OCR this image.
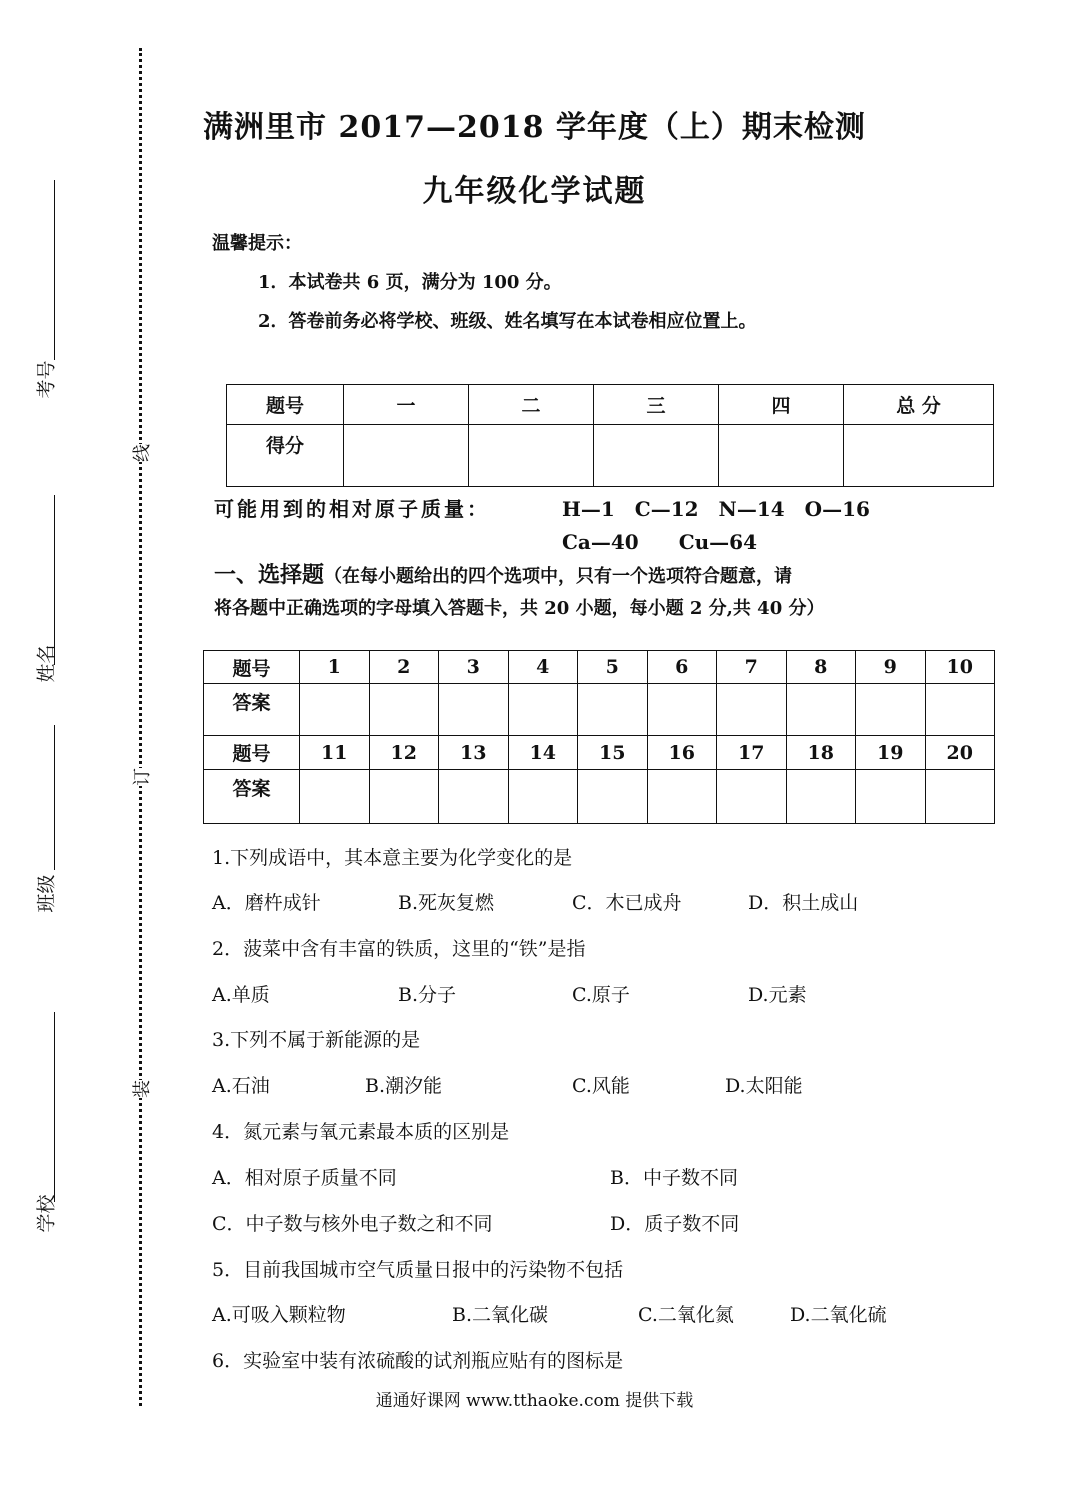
考号
姓名
班级
学校
线
订
装
满洲里市 2017—2018 学年度（上）期末检测
九年级化学试题
温馨提示：
1．本试卷共 6 页，满分为 100 分。
2．答卷前务必将学校、班级、姓名填写在本试卷相应位置上。
题号	一	二	三	四	总 分
得分					
可能用到的相对原子质量：	H—1　C—12　N—14　O—16
Ca—40　　Cu—64
一、选择题（在每小题给出的四个选项中，只有一个选项符合题意，请
将各题中正确选项的字母填入答题卡，共 20 小题，每小题 2 分,共 40 分）
题号	1	2	3	4	5	6	7	8	9	10
答案										
题号	11	12	13	14	15	16	17	18	19	20
答案										
1.下列成语中，其本意主要为化学变化的是
A．磨杵成针	B.死灰复燃	C．木已成舟	D．积土成山
2．菠菜中含有丰富的铁质，这里的“铁”是指
A.单质	B.分子	C.原子	D.元素
3.下列不属于新能源的是
A.石油	B.潮汐能	C.风能	D.太阳能
4．氮元素与氧元素最本质的区别是
A．相对原子质量不同	B．中子数不同
C．中子数与核外电子数之和不同	D．质子数不同
5．目前我国城市空气质量日报中的污染物不包括
A.可吸入颗粒物	B.二氧化碳	C.二氧化氮	D.二氧化硫
6．实验室中装有浓硫酸的试剂瓶应贴有的图标是
通通好课网 www.tthaoke.com 提供下载
